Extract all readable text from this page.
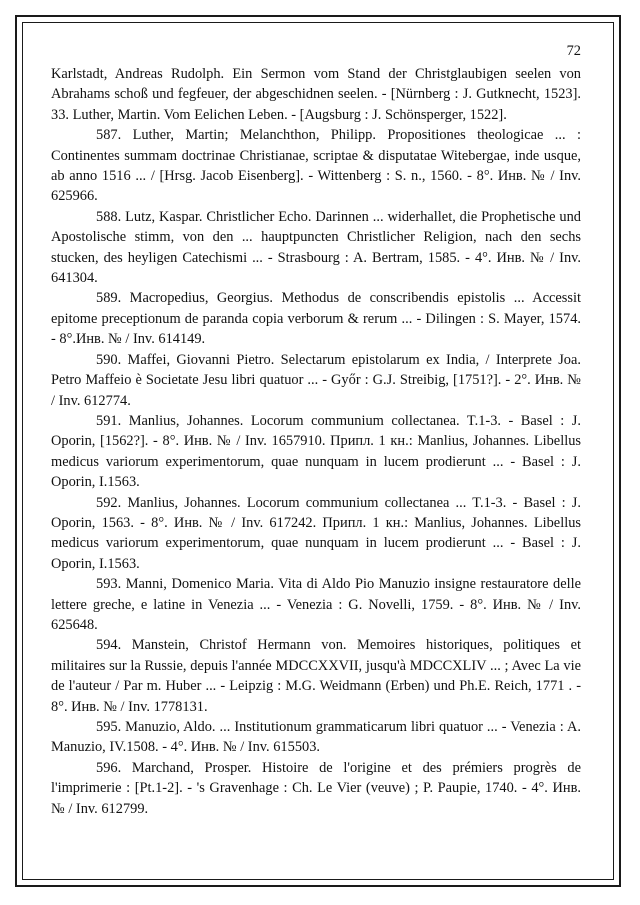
72

Karlstadt, Andreas Rudolph. Ein Sermon vom Stand der Christglaubigen seelen von Abrahams schoß und fegfeuer, der abgeschidnen seelen. - [Nürnberg : J. Gutknecht, 1523]. 33. Luther, Martin. Vom Eelichen Leben. - [Augsburg : J. Schönsperger, 1522].

587. Luther, Martin; Melanchthon, Philipp. Propositiones theologicae ... : Continentes summam doctrinae Christianae, scriptae & disputatae Witebergae, inde usque, ab anno 1516 ... / [Hrsg. Jacob Eisenberg]. - Wittenberg : S. n., 1560. - 8°. Инв. № / Inv. 625966.

588. Lutz, Kaspar. Christlicher Echo. Darinnen ... widerhallet, die Prophetische und Apostolische stimm, von den ... hauptpuncten Christlicher Religion, nach den sechs stucken, des heyligen Catechismi ... - Strasbourg : A. Bertram, 1585. - 4°. Инв. № / Inv. 641304.

589. Macropedius, Georgius. Methodus de conscribendis epistolis ... Accessit epitome preceptionum de paranda copia verborum & rerum ... - Dilingen : S. Mayer, 1574. - 8°.Инв. № / Inv. 614149.

590. Maffei, Giovanni Pietro. Selectarum epistolarum ex India, / Interprete Joa. Petro Maffeio è Societate Jesu libri quatuor ... - Győr : G.J. Streibig, [1751?]. - 2°. Инв. № / Inv. 612774.

591. Manlius, Johannes. Locorum communium collectanea. T.1-3. - Basel : J. Oporin, [1562?]. - 8°. Инв. № / Inv. 1657910. Припл. 1 кн.: Manlius, Johannes. Libellus medicus variorum experimentorum, quae nunquam in lucem prodierunt ... - Basel : J. Oporin, I.1563.

592. Manlius, Johannes. Locorum communium collectanea ... T.1-3. - Basel : J. Oporin, 1563. - 8°. Инв. № / Inv. 617242. Припл. 1 кн.: Manlius, Johannes. Libellus medicus variorum experimentorum, quae nunquam in lucem prodierunt ... - Basel : J. Oporin, I.1563.

593. Manni, Domenico Maria. Vita di Aldo Pio Manuzio insigne restauratore delle lettere greche, e latine in Venezia ... - Venezia : G. Novelli, 1759. - 8°. Инв. № / Inv. 625648.

594. Manstein, Christof Hermann von. Memoires historiques, politiques et militaires sur la Russie, depuis l'année MDCCXXVII, jusqu'à MDCCXLIV ... ; Avec La vie de l'auteur / Par m. Huber ... - Leipzig : M.G. Weidmann (Erben) und Ph.E. Reich, 1771 . - 8°. Инв. № / Inv. 1778131.

595. Manuzio, Aldo. ... Institutionum grammaticarum libri quatuor ... - Venezia : A. Manuzio, IV.1508. - 4°. Инв. № / Inv. 615503.

596. Marchand, Prosper. Histoire de l'origine et des prémiers progrès de l'imprimerie : [Pt.1-2]. - 's Gravenhage : Ch. Le Vier (veuve) ; P. Paupie, 1740. - 4°. Инв. № / Inv. 612799.
